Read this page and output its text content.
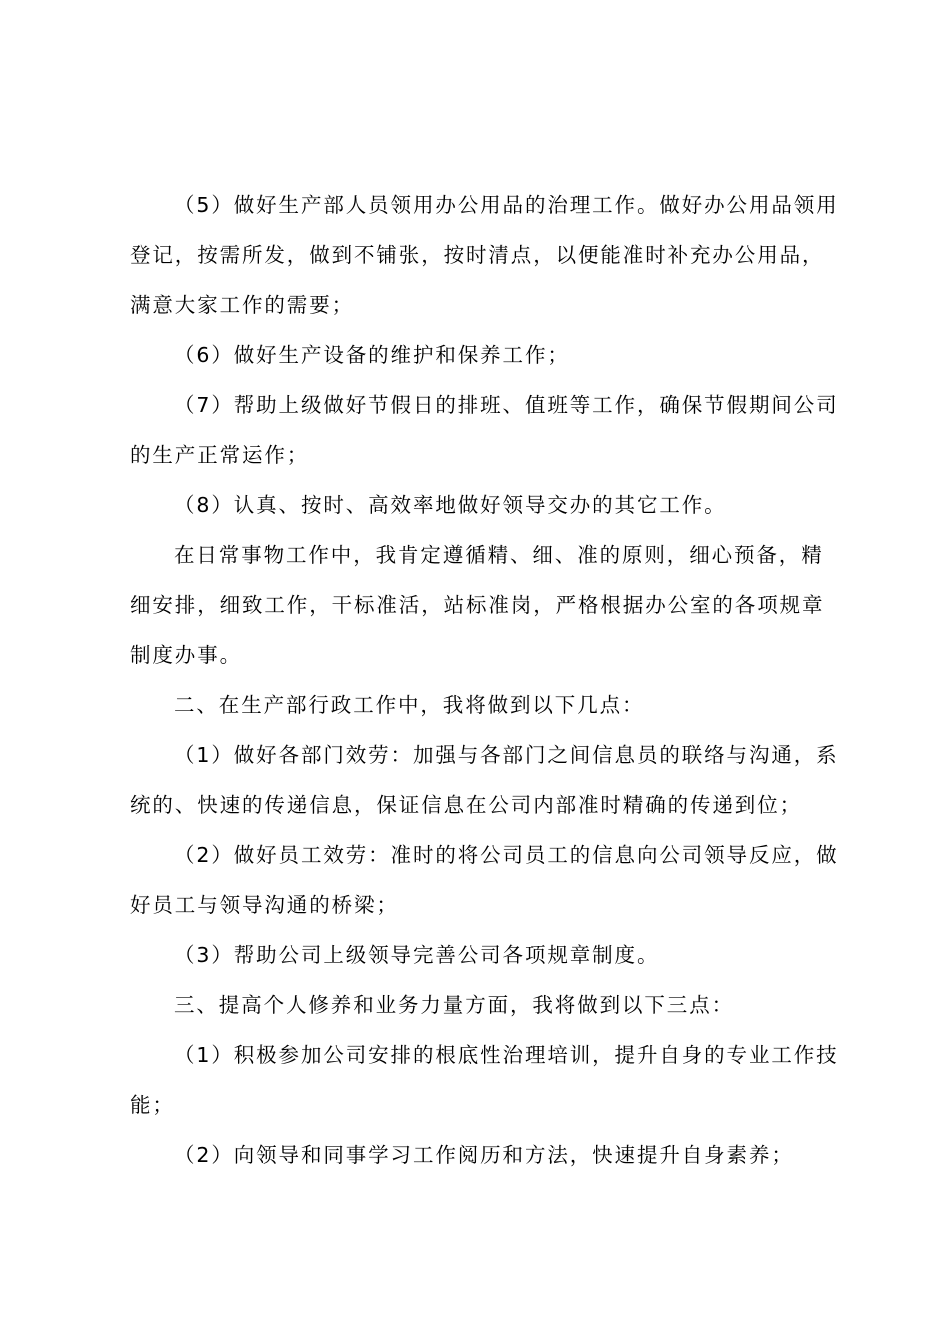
（5）做好生产部人员领用办公用品的治理工作。做好办公用品领用
登记，按需所发，做到不铺张，按时清点，以便能准时补充办公用品，
满意大家工作的需要；
（6）做好生产设备的维护和保养工作；
（7）帮助上级做好节假日的排班、值班等工作，确保节假期间公司
的生产正常运作；
（8）认真、按时、高效率地做好领导交办的其它工作。
在日常事物工作中，我肯定遵循精、细、准的原则，细心预备，精
细安排，细致工作，干标准活，站标准岗，严格根据办公室的各项规章
制度办事。
二、在生产部行政工作中，我将做到以下几点：
（1）做好各部门效劳：加强与各部门之间信息员的联络与沟通，系
统的、快速的传递信息，保证信息在公司内部准时精确的传递到位；
（2）做好员工效劳：准时的将公司员工的信息向公司领导反应，做
好员工与领导沟通的桥梁；
（3）帮助公司上级领导完善公司各项规章制度。
三、提高个人修养和业务力量方面，我将做到以下三点：
（1）积极参加公司安排的根底性治理培训，提升自身的专业工作技
能；
（2）向领导和同事学习工作阅历和方法，快速提升自身素养；
